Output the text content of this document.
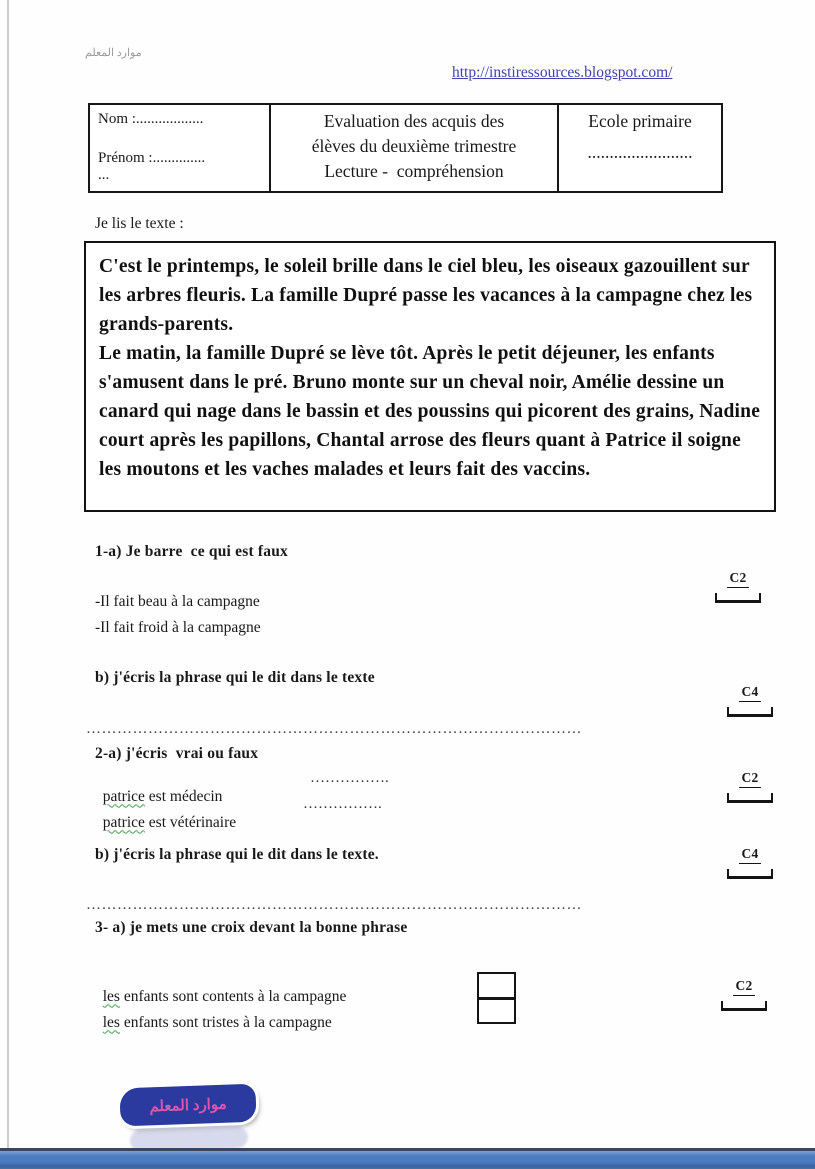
موارد المعلم
http://instiressources.blogspot.com/
Nom :..................
Prénom :..............
...
Evaluation des acquis des
élèves du deuxième trimestre
Lecture -  compréhension
Ecole primaire
........................
Je lis le texte :
C'est le printemps, le soleil brille dans le ciel bleu, les oiseaux gazouillent sur les arbres fleuris. La famille Dupré passe les vacances à la campagne chez les grands-parents.
Le matin, la famille Dupré se lève tôt. Après le petit déjeuner, les enfants s'amusent dans le pré. Bruno monte sur un cheval noir, Amélie dessine un canard qui nage dans le bassin et des poussins qui picorent des grains, Nadine court après les papillons, Chantal arrose des fleurs quant à Patrice il soigne les moutons et les vaches malades et leurs fait des vaccins.
1-a) Je barre  ce qui est faux
C2
-Il fait beau à la campagne
-Il fait froid à la campagne
b) j'écris la phrase qui le dit dans le texte
C4
……………………………………………………………………………………
2-a) j'écris  vrai ou faux

patrice est médecin

…………….	C2

patrice est vétérinaire

…………….

b) j'écris la phrase qui le dit dans le texte.	C4
……………………………………………………………………………………
3- a) je mets une croix devant la bonne phrase

les enfants sont contents à la campagne

les enfants sont tristes à la campagne

C2
موارد المعلم
